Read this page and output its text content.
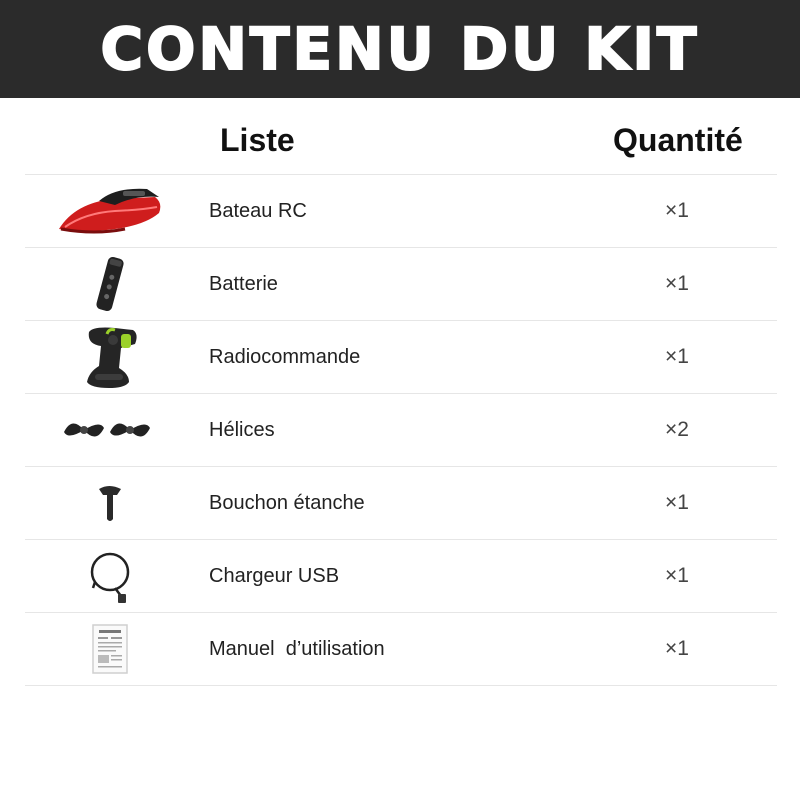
CONTENU DU KIT
Liste	Quantité
Bateau RC	×1
Batterie	×1
Radiocommande	×1
Hélices	×2
Bouchon étanche	×1
Chargeur USB	×1
Manuel  d’utilisation	×1
